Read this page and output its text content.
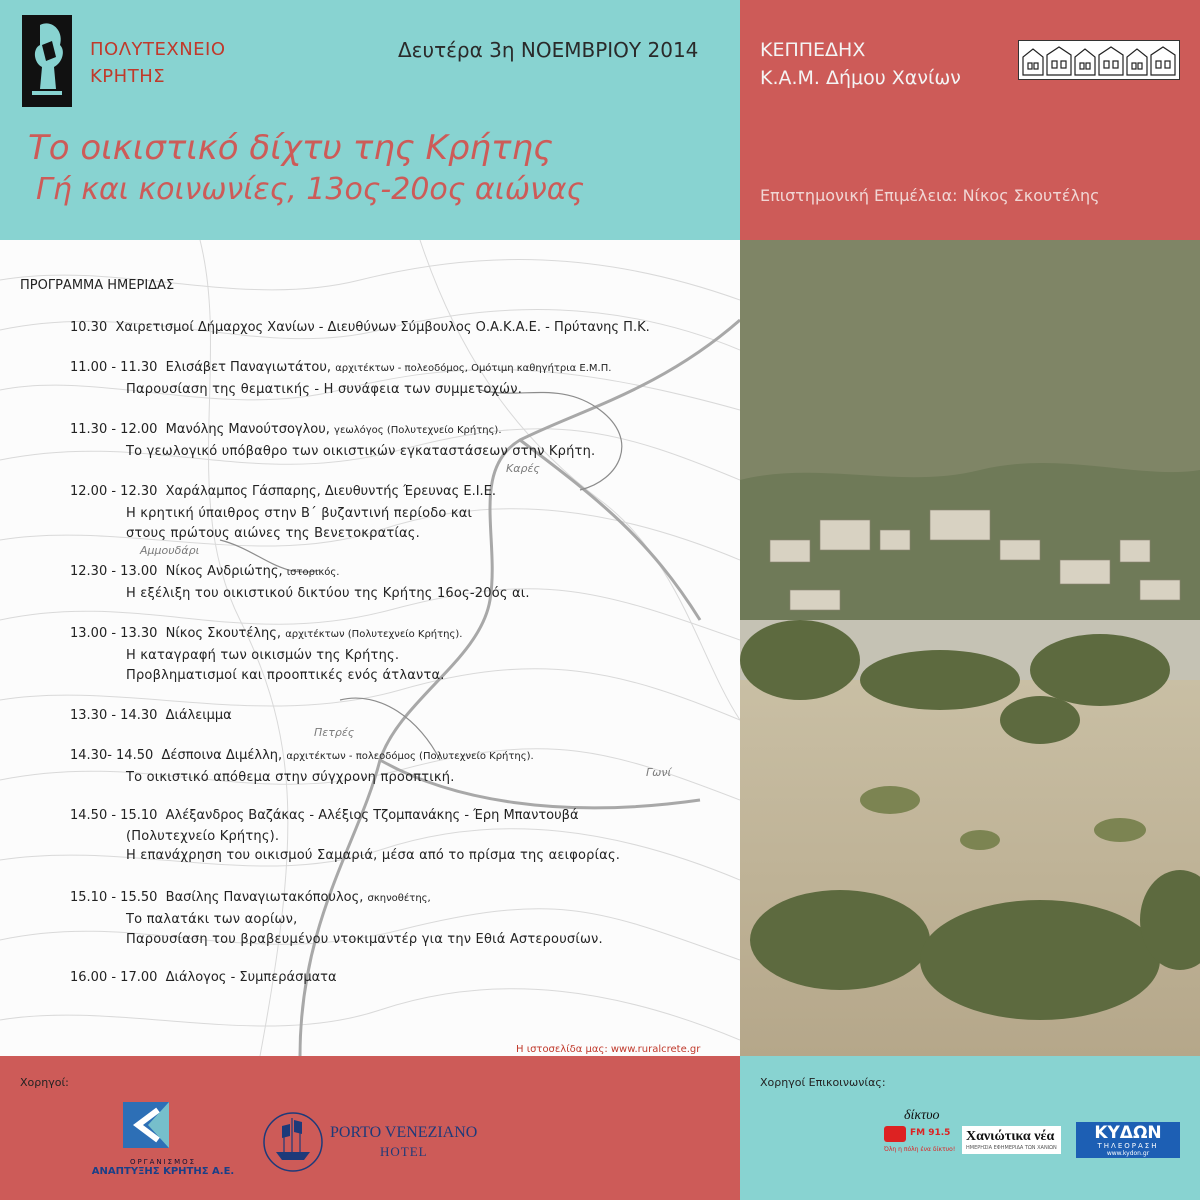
ΠΟΛΥΤΕΧΝΕΙΟ
ΚΡΗΤΗΣ
Δευτέρα 3η ΝΟΕΜΒΡΙΟΥ 2014
Το οικιστικό δίχτυ της Κρήτης
Γή και κοινωνίες, 13ος-20ος αιώνας
ΚΕΠΠΕΔΗΧ
Κ.Α.Μ. Δήμου Χανίων
Επιστημονική Επιμέλεια: Νίκος Σκουτέλης
Καρές
Αμμουδάρι
Πετρές
Γωνί
ΠΡΟΓΡΑΜΜΑ ΗΜΕΡΙΔΑΣ
10.30 Χαιρετισμοί Δήμαρχος Χανίων - Διευθύνων Σύμβουλος Ο.Α.Κ.Α.Ε. - Πρύτανης Π.Κ.
11.00 - 11.30 Ελισάβετ Παναγιωτάτου, αρχιτέκτων - πολεοδόμος, Ομότιμη καθηγήτρια Ε.Μ.Π.
Παρουσίαση της θεματικής - Η συνάφεια των συμμετοχών.
11.30 - 12.00 Μανόλης Μανούτσογλου, γεωλόγος (Πολυτεχνείο Κρήτης).
Το γεωλογικό υπόβαθρο των οικιστικών εγκαταστάσεων στην Κρήτη.
12.00 - 12.30 Χαράλαμπος Γάσπαρης, Διευθυντής Έρευνας Ε.Ι.Ε.
Η κρητική ύπαιθρος στην Β΄ βυζαντινή περίοδο και
στους πρώτους αιώνες της Βενετοκρατίας.
12.30 - 13.00 Νίκος Ανδριώτης, ιστορικός.
Η εξέλιξη του οικιστικού δικτύου της Κρήτης 16ος-20ός αι.
13.00 - 13.30 Νίκος Σκουτέλης, αρχιτέκτων (Πολυτεχνείο Κρήτης).
Η καταγραφή των οικισμών της Κρήτης.
Προβληματισμοί και προοπτικές ενός άτλαντα.
13.30 - 14.30 Διάλειμμα
14.30- 14.50 Δέσποινα Διμέλλη, αρχιτέκτων - πολεοδόμος (Πολυτεχνείο Κρήτης).
Το οικιστικό απόθεμα στην σύγχρονη προοπτική.
14.50 - 15.10 Αλέξανδρος Βαζάκας - Αλέξιος Τζομπανάκης - Έρη Μπαντουβά
(Πολυτεχνείο Κρήτης).
Η επανάχρηση του οικισμού Σαμαριά, μέσα από το πρίσμα της αειφορίας.
15.10 - 15.50 Βασίλης Παναγιωτακόπουλος, σκηνοθέτης,
Το παλατάκι των αορίων,
Παρουσίαση του βραβευμένου ντοκιμαντέρ για την Εθιά Αστερουσίων.
16.00 - 17.00 Διάλογος - Συμπεράσματα
Η ιστοσελίδα μας: www.ruralcrete.gr
Χορηγοί:	Χορηγοί Επικοινωνίας:
ΟΡΓΑΝΙΣΜΟΣ
ΑΝΑΠΤΥΞΗΣ ΚΡΗΤΗΣ Α.Ε.
PORTO VENEZIANO
HOTEL
δίκτυο
FM 91.5
Όλη η πόλη ένα δίκτυο!
Χανιώτικα νέα
ΗΜΕΡΗΣΙΑ ΕΦΗΜΕΡΙΔΑ ΤΩΝ ΧΑΝΙΩΝ
ΚΥΔΩΝ
ΤΗΛΕΟΡΑΣΗ
www.kydon.gr
